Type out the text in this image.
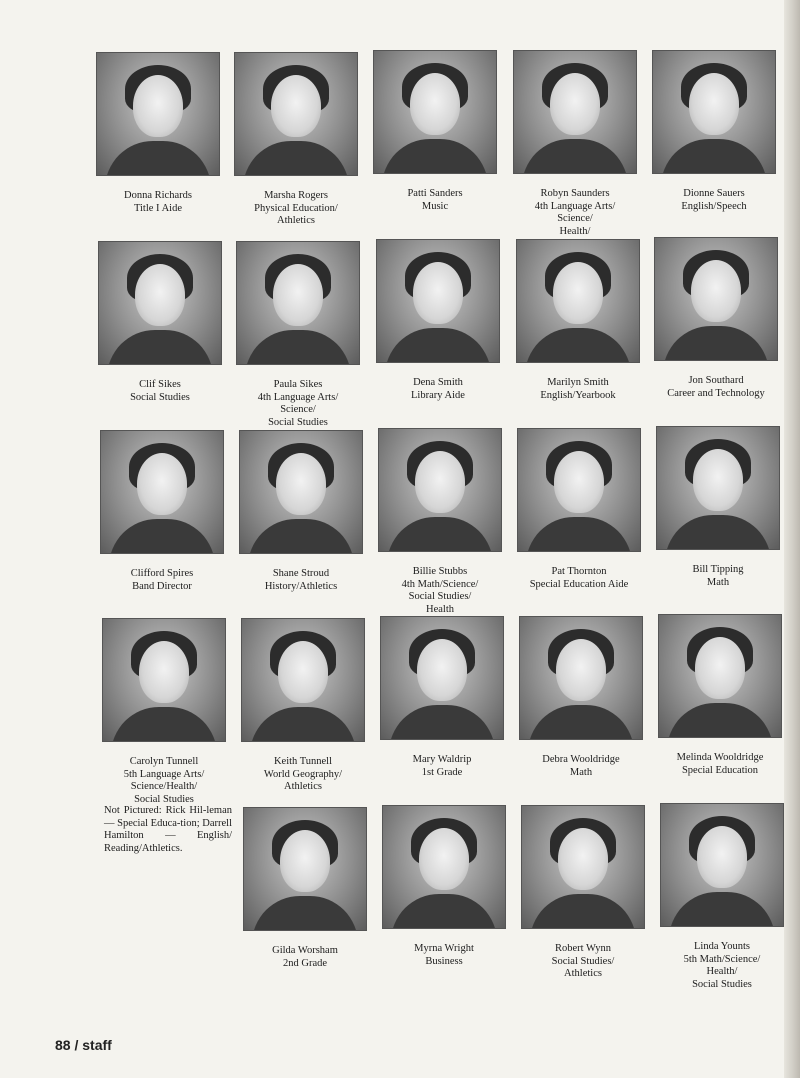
Donna Richards
Title I Aide
Marsha Rogers
Physical Education/
Athletics
Patti Sanders
Music
Robyn Saunders
4th Language Arts/
Science/
Health/
Dionne Sauers
English/Speech
Clif Sikes
Social Studies
Paula Sikes
4th Language Arts/
Science/
Social Studies
Dena Smith
Library Aide
Marilyn Smith
English/Yearbook
Jon Southard
Career and Technology
Clifford Spires
Band Director
Shane Stroud
History/Athletics
Billie Stubbs
4th Math/Science/
Social Studies/
Health
Pat Thornton
Special Education Aide
Bill Tipping
Math
Carolyn Tunnell
5th Language Arts/
Science/Health/
Social Studies
Keith Tunnell
World Geography/
Athletics
Mary Waldrip
1st Grade
Debra Wooldridge
Math
Melinda Wooldridge
Special Education
Gilda Worsham
2nd Grade
Myrna Wright
Business
Robert Wynn
Social Studies/
Athletics
Linda Younts
5th Math/Science/
Health/
Social Studies
Not Pictured: Rick Hil-leman — Special Educa-tion; Darrell Hamilton — English/ Reading/Athletics.
88 / staff
